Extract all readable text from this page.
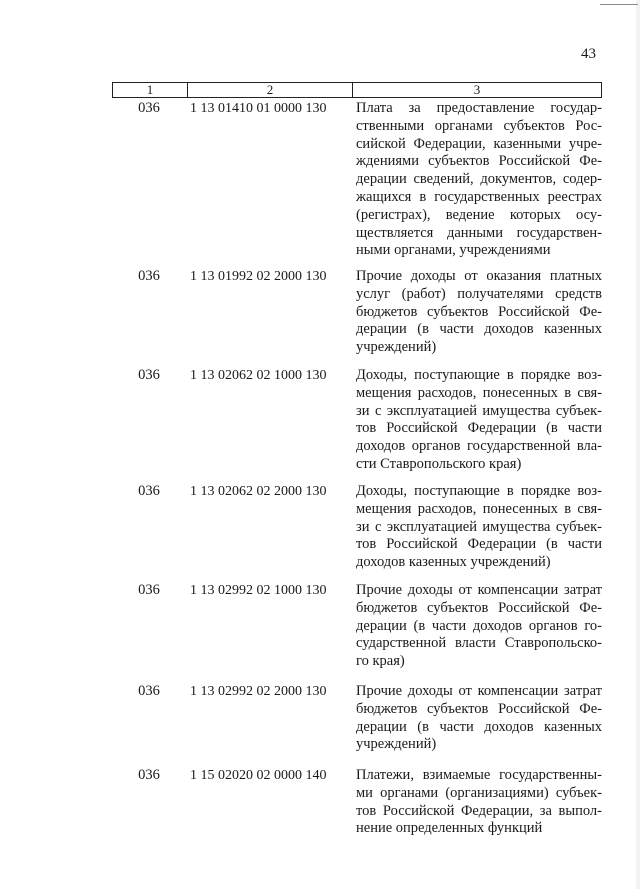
43
1	2	3
036	1 13 01410 01 0000 130	Плата за предоставление государ-
ственными органами субъектов Рос-
сийской Федерации, казенными учре-
ждениями субъектов Российской Фе-
дерации сведений, документов, содер-
жащихся в государственных реестрах
(регистрах), ведение которых осу-
ществляется данными государствен-
ными органами, учреждениями
036	1 13 01992 02 2000 130	Прочие доходы от оказания платных
услуг (работ) получателями средств
бюджетов субъектов Российской Фе-
дерации (в части доходов казенных
учреждений)
036	1 13 02062 02 1000 130	Доходы, поступающие в порядке воз-
мещения расходов, понесенных в свя-
зи с эксплуатацией имущества субъек-
тов Российской Федерации (в части
доходов органов государственной вла-
сти Ставропольского края)
036	1 13 02062 02 2000 130	Доходы, поступающие в порядке воз-
мещения расходов, понесенных в свя-
зи с эксплуатацией имущества субъек-
тов Российской Федерации (в части
доходов казенных учреждений)
036	1 13 02992 02 1000 130	Прочие доходы от компенсации затрат
бюджетов субъектов Российской Фе-
дерации (в части доходов органов го-
сударственной власти Ставропольско-
го края)
036	1 13 02992 02 2000 130	Прочие доходы от компенсации затрат
бюджетов субъектов Российской Фе-
дерации (в части доходов казенных
учреждений)
036	1 15 02020 02 0000 140	Платежи, взимаемые государственны-
ми органами (организациями) субъек-
тов Российской Федерации, за выпол-
нение определенных функций
